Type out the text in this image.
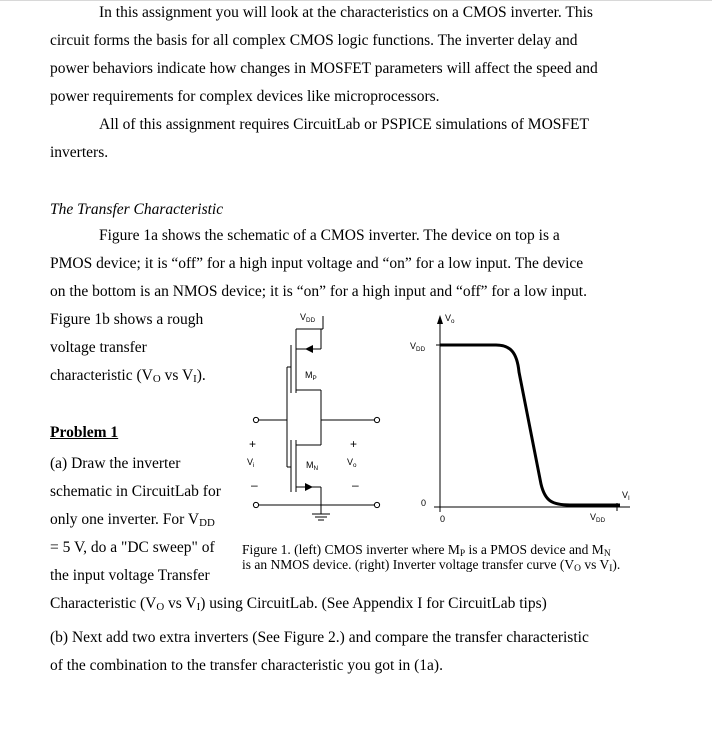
In this assignment you will look at the characteristics on a CMOS inverter. This
circuit forms the basis for all complex CMOS logic functions. The inverter delay and
power behaviors indicate how changes in MOSFET parameters will affect the speed and
power requirements for complex devices like microprocessors.
All of this assignment requires CircuitLab or PSPICE simulations of MOSFET
inverters.
The Transfer Characteristic
Figure 1a shows the schematic of a CMOS inverter. The device on top is a
PMOS device; it is “off” for a high input voltage and “on” for a low input. The device
on the bottom is an NMOS device; it is “on” for a high input and “off” for a low input.
Figure 1b shows a rough
voltage transfer
characteristic ($V_O$ vs $V_I$).
Problem 1
(a) Draw the inverter
schematic in CircuitLab for
only one inverter. For $V_{DD}$
= 5 V, do a "DC sweep" of
the input voltage Transfer
Characteristic ($V_O$ vs $V_I$) using CircuitLab. (See Appendix I for CircuitLab tips)
(b) Next add two extra inverters (See Figure 2.) and compare the transfer characteristic
of the combination to the transfer characteristic you got in (1a).
$V_{DD}$
$M_P$
$M_N$
+
$V_i$
–
+
$V_o$
–
$V_o$
$V_{DD}$
0
0	$V_{DD}$
$V_I$
Figure 1. (left) CMOS inverter where $M_P$ is a PMOS device and $M_N$
is an NMOS device. (right) Inverter voltage transfer curve ($V_O$ vs $V_I$).
